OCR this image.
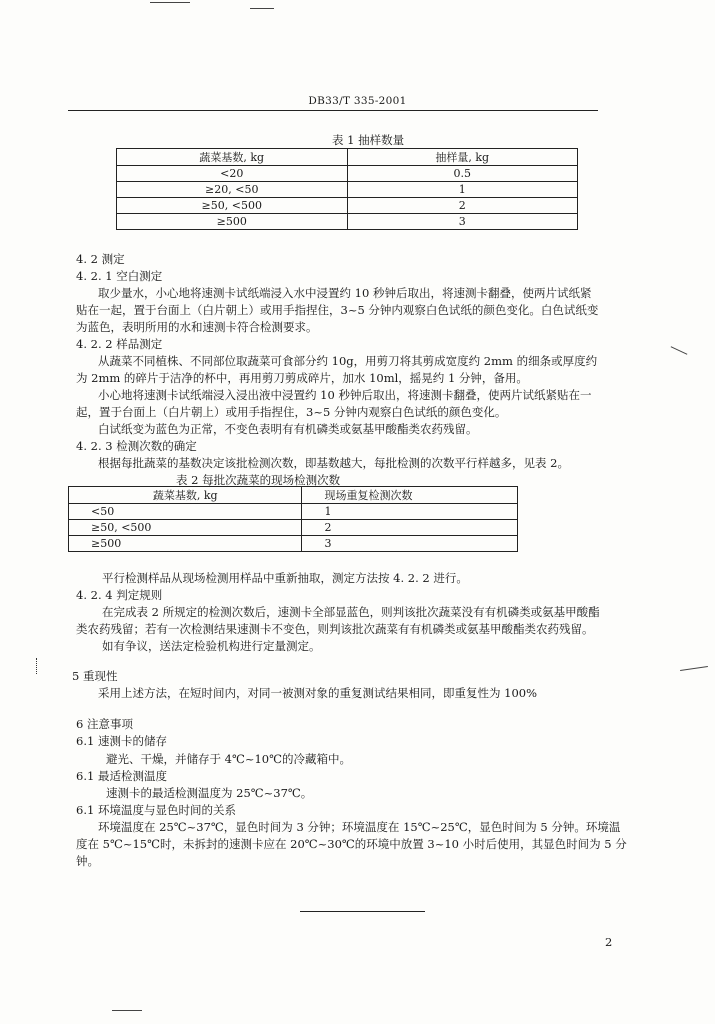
DB33/T 335-2001
表 1 抽样数量
蔬菜基数, kg	抽样量, kg
<20	0.5
≥20, <50	1
≥50, <500	2
≥500	3
4. 2 测定
4. 2. 1 空白测定
取少量水，小心地将速测卡试纸端浸入水中浸置约 10 秒钟后取出，将速测卡翻叠，使两片试纸紧
贴在一起，置于台面上（白片朝上）或用手指捏住，3~5 分钟内观察白色试纸的颜色变化。白色试纸变
为蓝色，表明所用的水和速测卡符合检测要求。
4. 2. 2 样品测定
从蔬菜不同植株、不同部位取蔬菜可食部分约 10g，用剪刀将其剪成宽度约 2mm 的细条或厚度约
为 2mm 的碎片于洁净的杯中，再用剪刀剪成碎片，加水 10ml，摇晃约 1 分钟，备用。
小心地将速测卡试纸端浸入浸出液中浸置约 10 秒钟后取出，将速测卡翻叠，使两片试纸紧贴在一
起，置于台面上（白片朝上）或用手指捏住，3~5 分钟内观察白色试纸的颜色变化。
白试纸变为蓝色为正常，不变色表明有有机磷类或氨基甲酸酯类农药残留。
4. 2. 3 检测次数的确定
根据每批蔬菜的基数决定该批检测次数，即基数越大，每批检测的次数平行样越多，见表 2。
表 2 每批次蔬菜的现场检测次数
蔬菜基数, kg	现场重复检测次数
<50	1
≥50, <500	2
≥500	3
平行检测样品从现场检测用样品中重新抽取，测定方法按 4. 2. 2 进行。
4. 2. 4 判定规则
在完成表 2 所规定的检测次数后，速测卡全部显蓝色，则判该批次蔬菜没有有机磷类或氨基甲酸酯
类农药残留；若有一次检测结果速测卡不变色，则判该批次蔬菜有有机磷类或氨基甲酸酯类农药残留。
如有争议，送法定检验机构进行定量测定。
5 重现性
采用上述方法，在短时间内，对同一被测对象的重复测试结果相同，即重复性为 100%
6 注意事项
6.1 速测卡的储存
避光、干燥，并储存于 4℃~10℃的冷藏箱中。
6.1 最适检测温度
速测卡的最适检测温度为 25℃~37℃。
6.1 环境温度与显色时间的关系
环境温度在 25℃~37℃，显色时间为 3 分钟；环境温度在 15℃~25℃，显色时间为 5 分钟。环境温
度在 5℃~15℃时，未拆封的速测卡应在 20℃~30℃的环境中放置 3~10 小时后使用，其显色时间为 5 分
钟。
2
